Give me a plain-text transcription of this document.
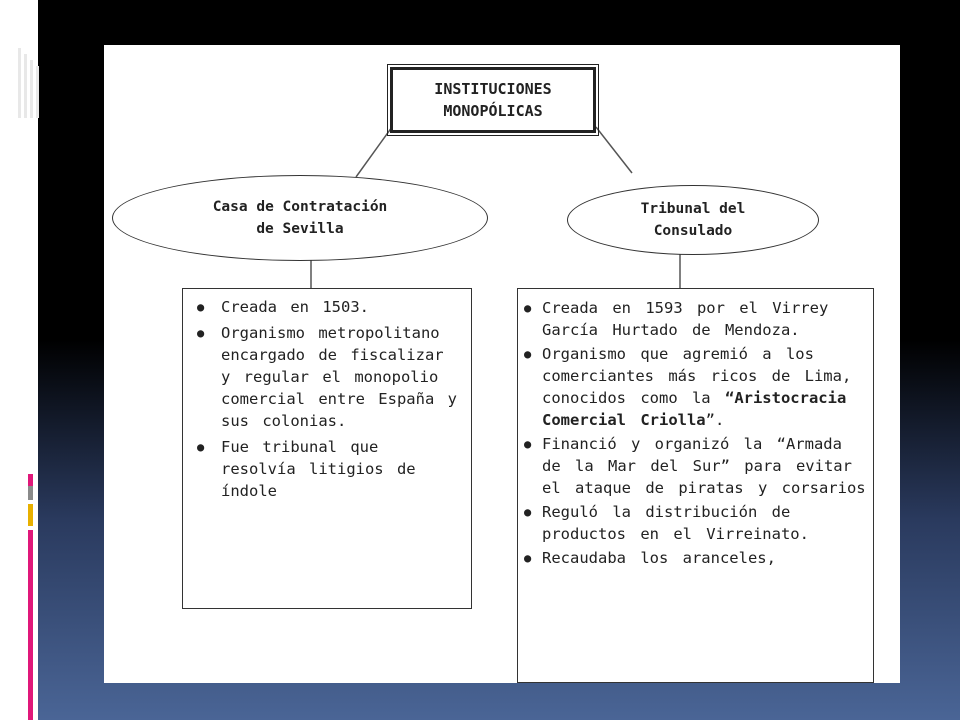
INSTITUCIONES
MONOPÓLICAS
Casa de Contratación
de Sevilla
Tribunal del
Consulado
● Creada en 1503.
● Organismo metropolitano encargado de fiscalizar y regular el monopolio comercial entre España y sus colonias.
● Fue tribunal que resolvía litigios de índole
● Creada en 1593 por el Virrey García Hurtado de Mendoza.
● Organismo que agremió a los comerciantes más ricos de Lima, conocidos como la “Aristocracia Comercial Criolla”.
● Financió y organizó la “Armada de la Mar del Sur” para evitar el ataque de piratas y corsarios
● Reguló la distribución de productos en el Virreinato.
● Recaudaba los aranceles,
